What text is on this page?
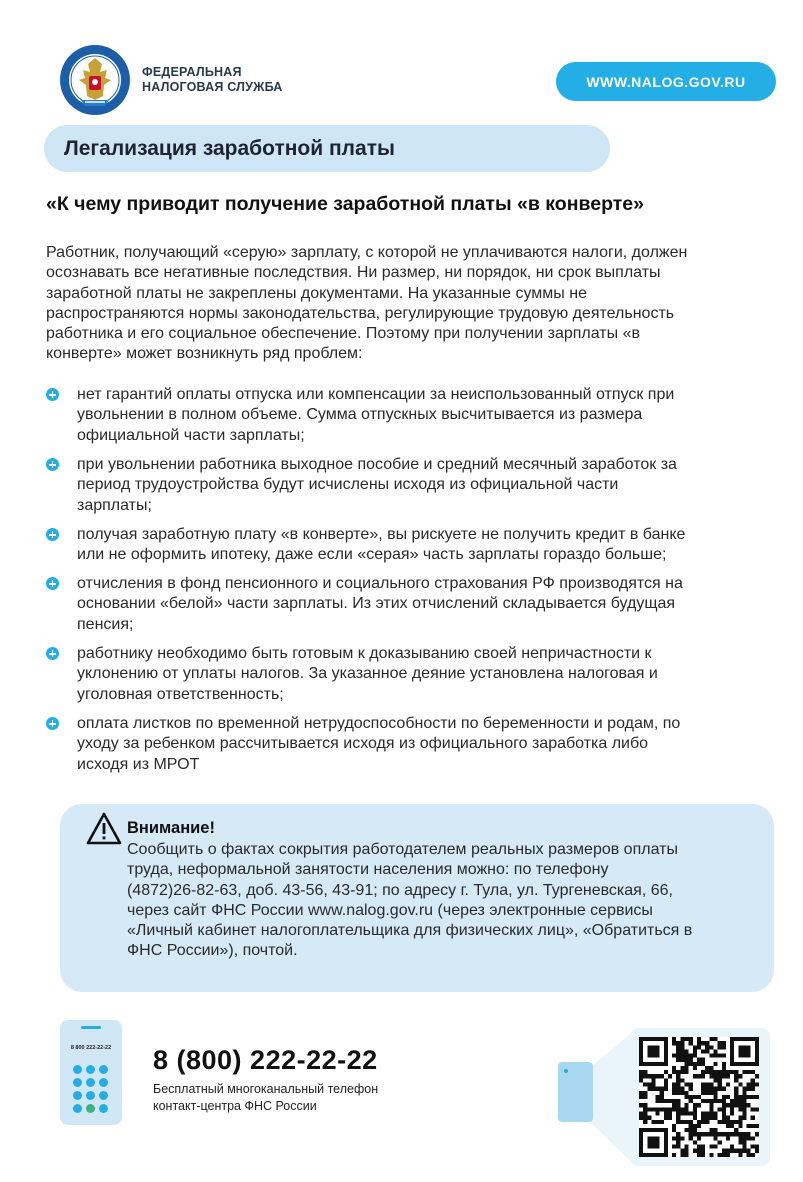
ФЕДЕРАЛЬНАЯ
НАЛОГОВАЯ СЛУЖБА	WWW.NALOG.GOV.RU
Легализация заработной платы
«К чему приводит получение заработной платы «в конверте»
Работник, получающий «серую» зарплату, с которой не уплачиваются налоги, должен
осознавать все негативные последствия. Ни размер, ни порядок, ни срок выплаты
заработной платы не закреплены документами. На указанные суммы не
распространяются нормы законодательства, регулирующие трудовую деятельность
работника и его социальное обеспечение. Поэтому при получении зарплаты «в
конверте» может возникнуть ряд проблем:
нет гарантий оплаты отпуска или компенсации за неиспользованный отпуск при
увольнении в полном объеме. Сумма отпускных высчитывается из размера
официальной части зарплаты;
при увольнении работника выходное пособие и средний месячный заработок за
период трудоустройства будут исчислены исходя из официальной части
зарплаты;
получая заработную плату «в конверте», вы рискуете не получить кредит в банке
или не оформить ипотеку, даже если «серая» часть зарплаты гораздо больше;
отчисления в фонд пенсионного и социального страхования РФ производятся на
основании «белой» части зарплаты. Из этих отчислений складывается будущая
пенсия;
работнику необходимо быть готовым к доказыванию своей непричастности к
уклонению от уплаты налогов. За указанное деяние установлена налоговая и
уголовная ответственность;
оплата листков по временной нетрудоспособности по беременности и родам, по
уходу за ребенком рассчитывается исходя из официального заработка либо
исходя из МРОТ
Внимание!
Сообщить о фактах сокрытия работодателем реальных размеров оплаты
труда, неформальной занятости населения можно: по телефону
(4872)26-82-63, доб. 43-56, 43-91; по адресу г. Тула, ул. Тургеневская, 66,
через сайт ФНС России www.nalog.gov.ru (через электронные сервисы
«Личный кабинет налогоплательщика для физических лиц», «Обратиться в
ФНС России»), почтой.
8 800 222-22-22	8 (800) 222-22-22
Бесплатный многоканальный телефон
контакт-центра ФНС России
